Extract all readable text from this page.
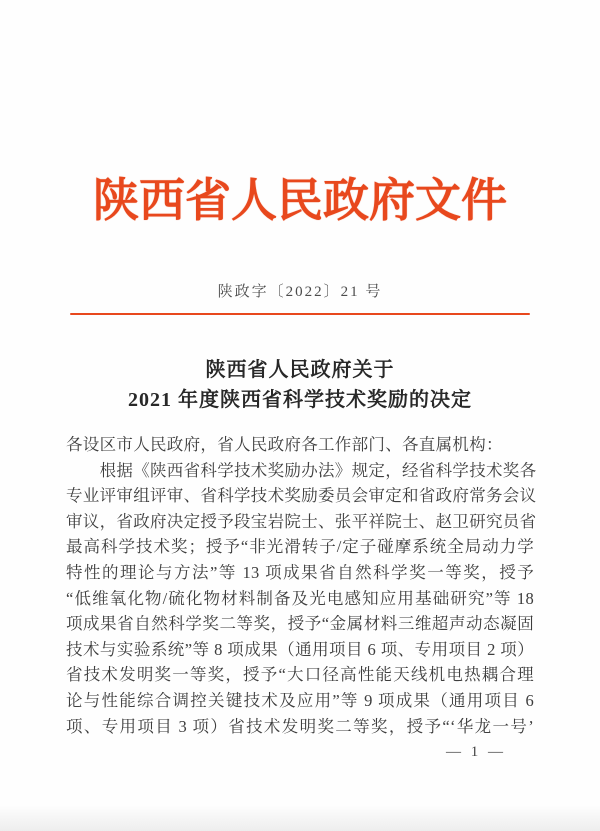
陕西省人民政府文件
陕政字〔2022〕21 号
陕西省人民政府关于
2021 年度陕西省科学技术奖励的决定
各设区市人民政府，省人民政府各工作部门、各直属机构：
　　根据《陕西省科学技术奖励办法》规定，经省科学技术奖各
专业评审组评审、省科学技术奖励委员会审定和省政府常务会议
审议，省政府决定授予段宝岩院士、张平祥院士、赵卫研究员省
最高科学技术奖；授予“非光滑转子/定子碰摩系统全局动力学
特性的理论与方法”等 13 项成果省自然科学奖一等奖，授予
“低维氧化物/硫化物材料制备及光电感知应用基础研究”等 18
项成果省自然科学奖二等奖，授予“金属材料三维超声动态凝固
技术与实验系统”等 8 项成果（通用项目 6 项、专用项目 2 项）
省技术发明奖一等奖，授予“大口径高性能天线机电热耦合理
论与性能综合调控关键技术及应用”等 9 项成果（通用项目 6
项、专用项目 3 项）省技术发明奖二等奖，授予“‘华龙一号’
— 1 —
